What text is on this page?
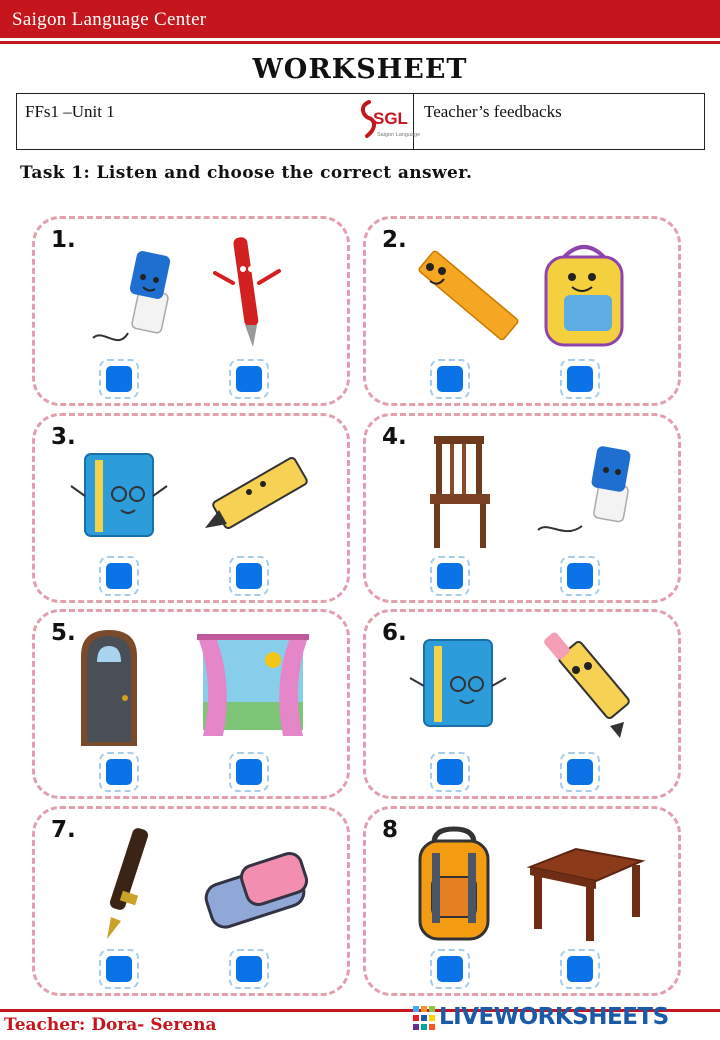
Saigon Language Center
WORKSHEET
FFs1 –Unit 1	SGL
Saigon Language
Teacher’s feedbacks
Task 1: Listen and choose the correct answer.
1.	2.
3.	4.
5.	6.
7.	8
Teacher: Dora- Serena	LIVEWORKSHEETS
